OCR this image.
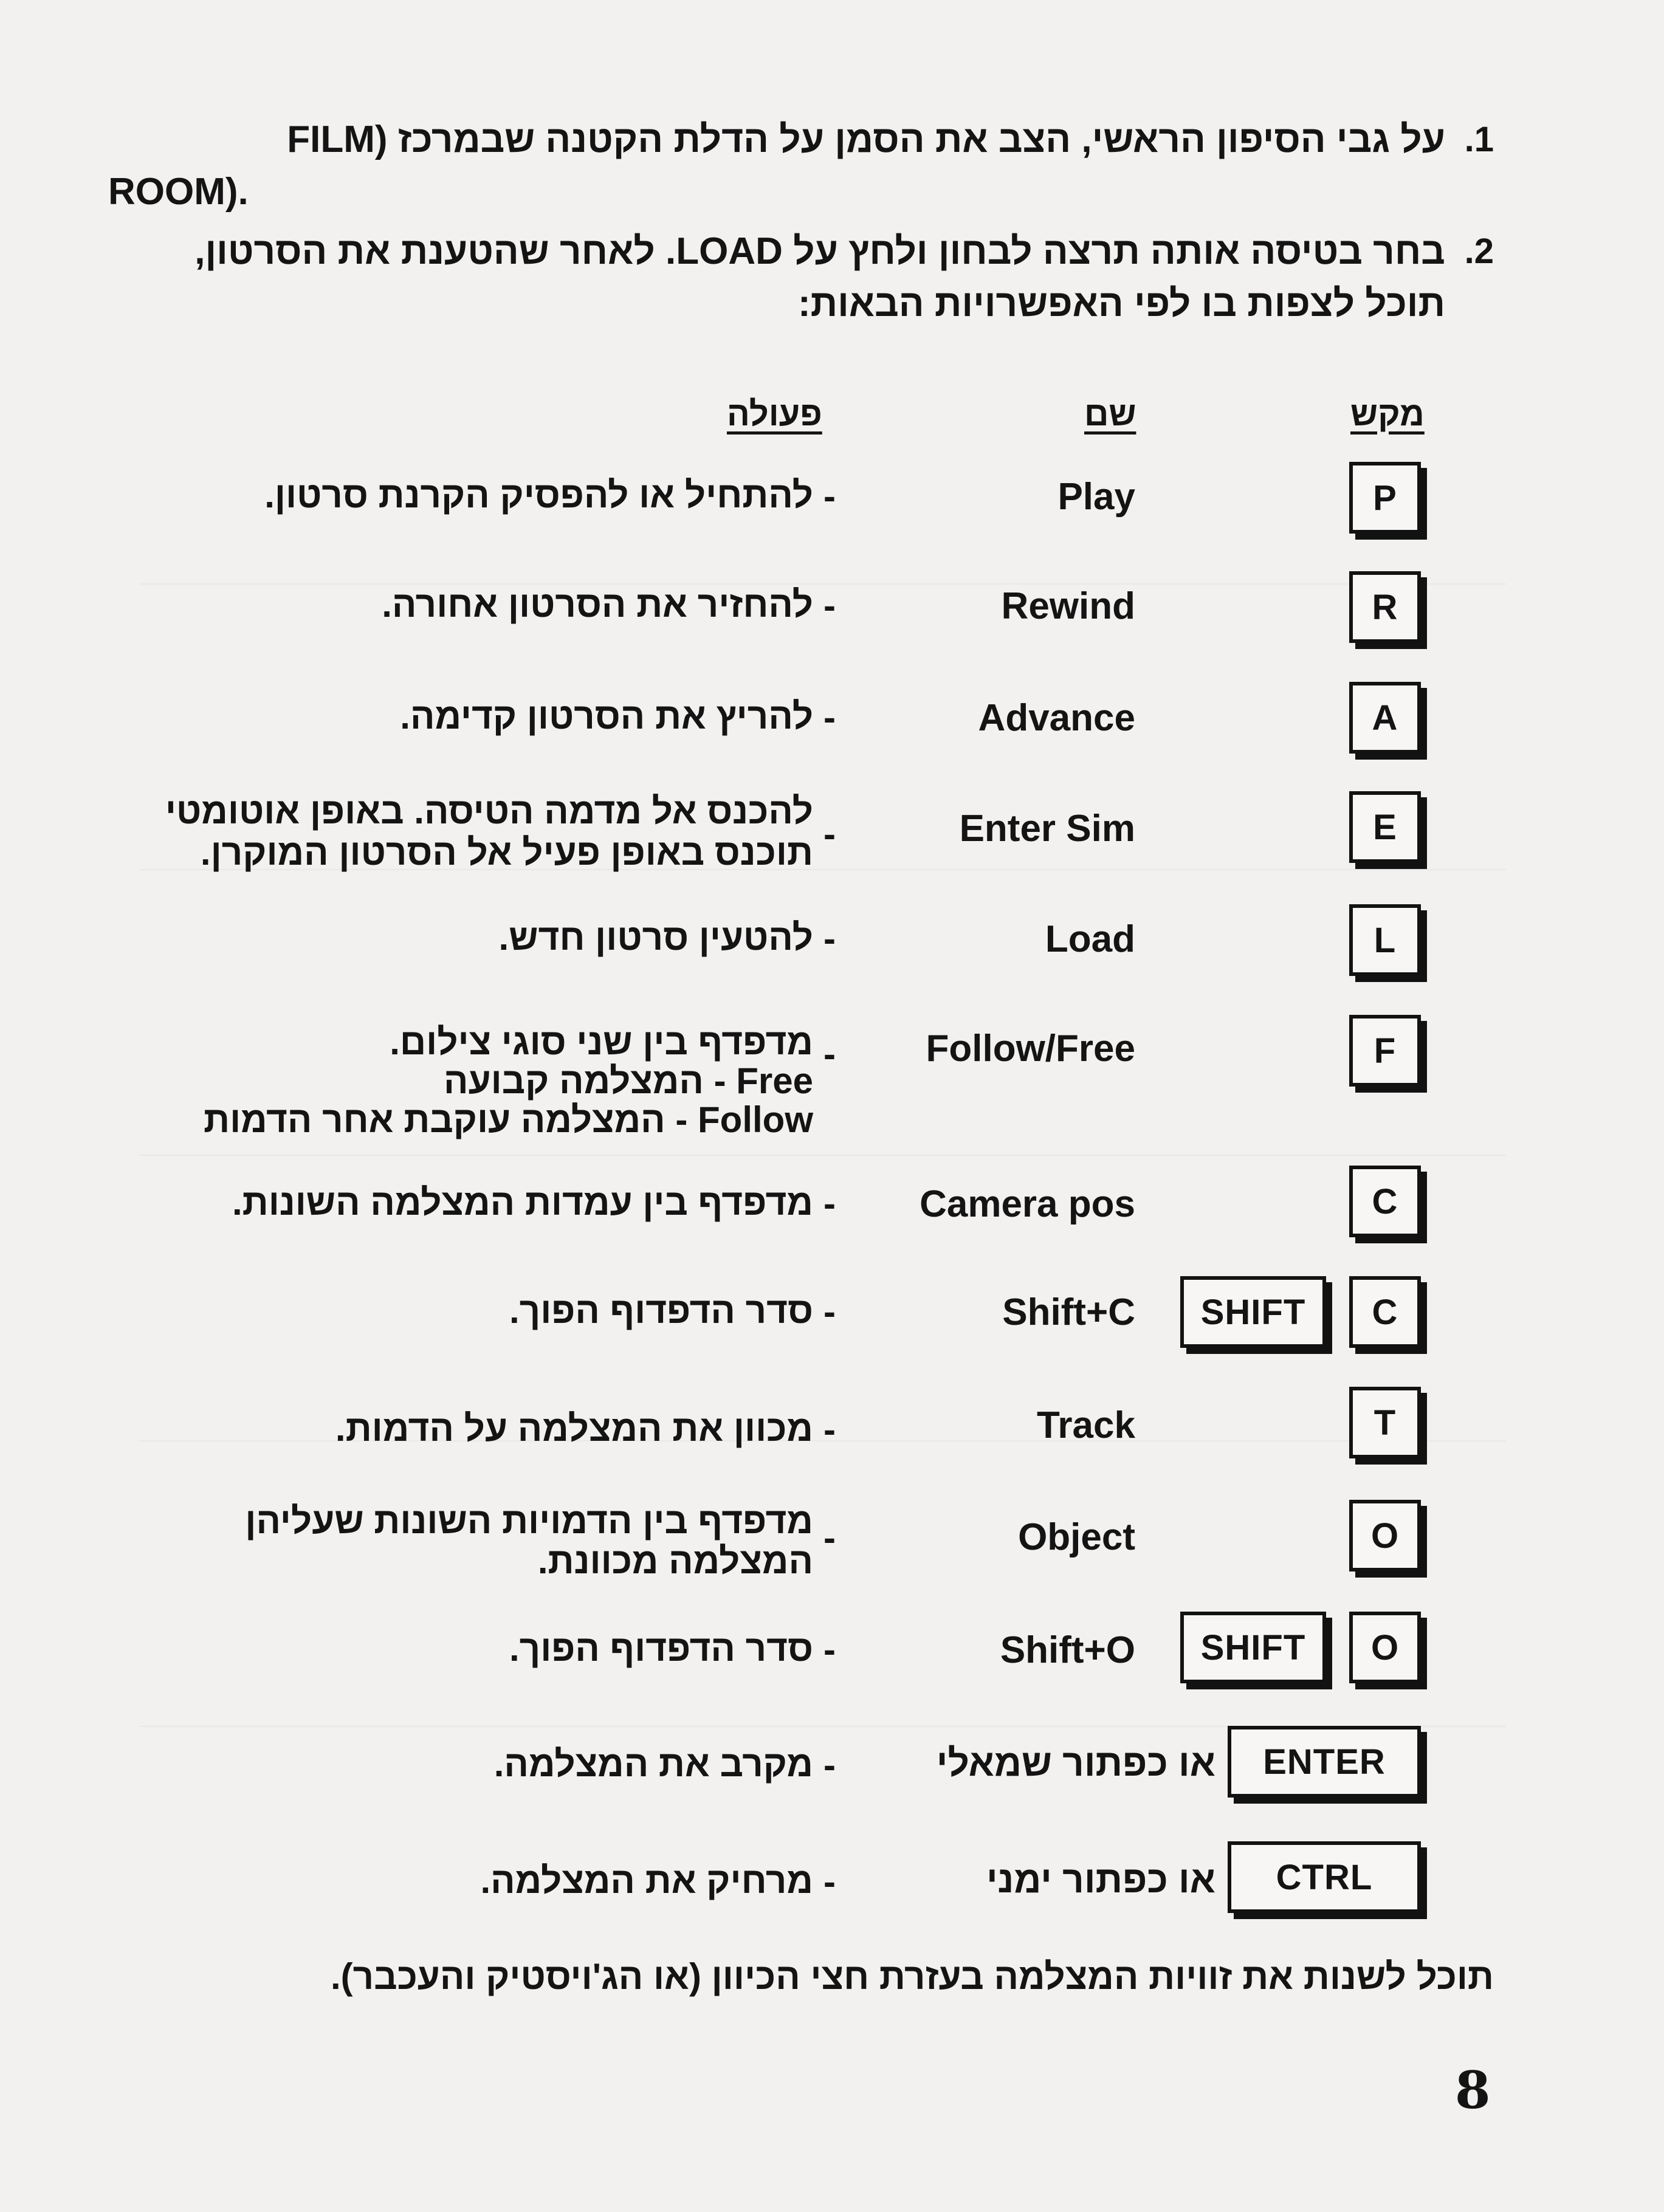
.1
על גבי הסיפון הראשי, הצב את הסמן על הדלת הקטנה שבמרכז (FILM
ROOM).
.2
בחר בטיסה אותה תרצה לבחון ולחץ על LOAD. לאחר שהטענת את הסרטון,
תוכל לצפות בו לפי האפשרויות הבאות:
מקש
שם
פעולה
P
Play
-
להתחיל או להפסיק הקרנת סרטון.
R
Rewind
-
להחזיר את הסרטון אחורה.
A
Advance
-
להריץ את הסרטון קדימה.
E
Enter Sim
-
להכנס אל מדמה הטיסה. באופן אוטומטי
תוכנס באופן פעיל אל הסרטון המוקרן.
L
Load
-
להטעין סרטון חדש.
F
Follow/Free
-
מדפדף בין שני סוגי צילום.
Free - המצלמה קבועה
Follow - המצלמה עוקבת אחר הדמות
C
Camera pos
-
מדפדף בין עמדות המצלמה השונות.
C
SHIFT
Shift+C
-
סדר הדפדוף הפוך.
T
Track
-
מכוון את המצלמה על הדמות.
O
Object
-
מדפדף בין הדמויות השונות שעליהן
המצלמה מכוונת.
O
SHIFT
Shift+O
-
סדר הדפדוף הפוך.
ENTER
או כפתור שמאלי
-
מקרב את המצלמה.
CTRL
או כפתור ימני
-
מרחיק את המצלמה.
תוכל לשנות את זוויות המצלמה בעזרת חצי הכיוון (או הג'ויסטיק והעכבר).
8
